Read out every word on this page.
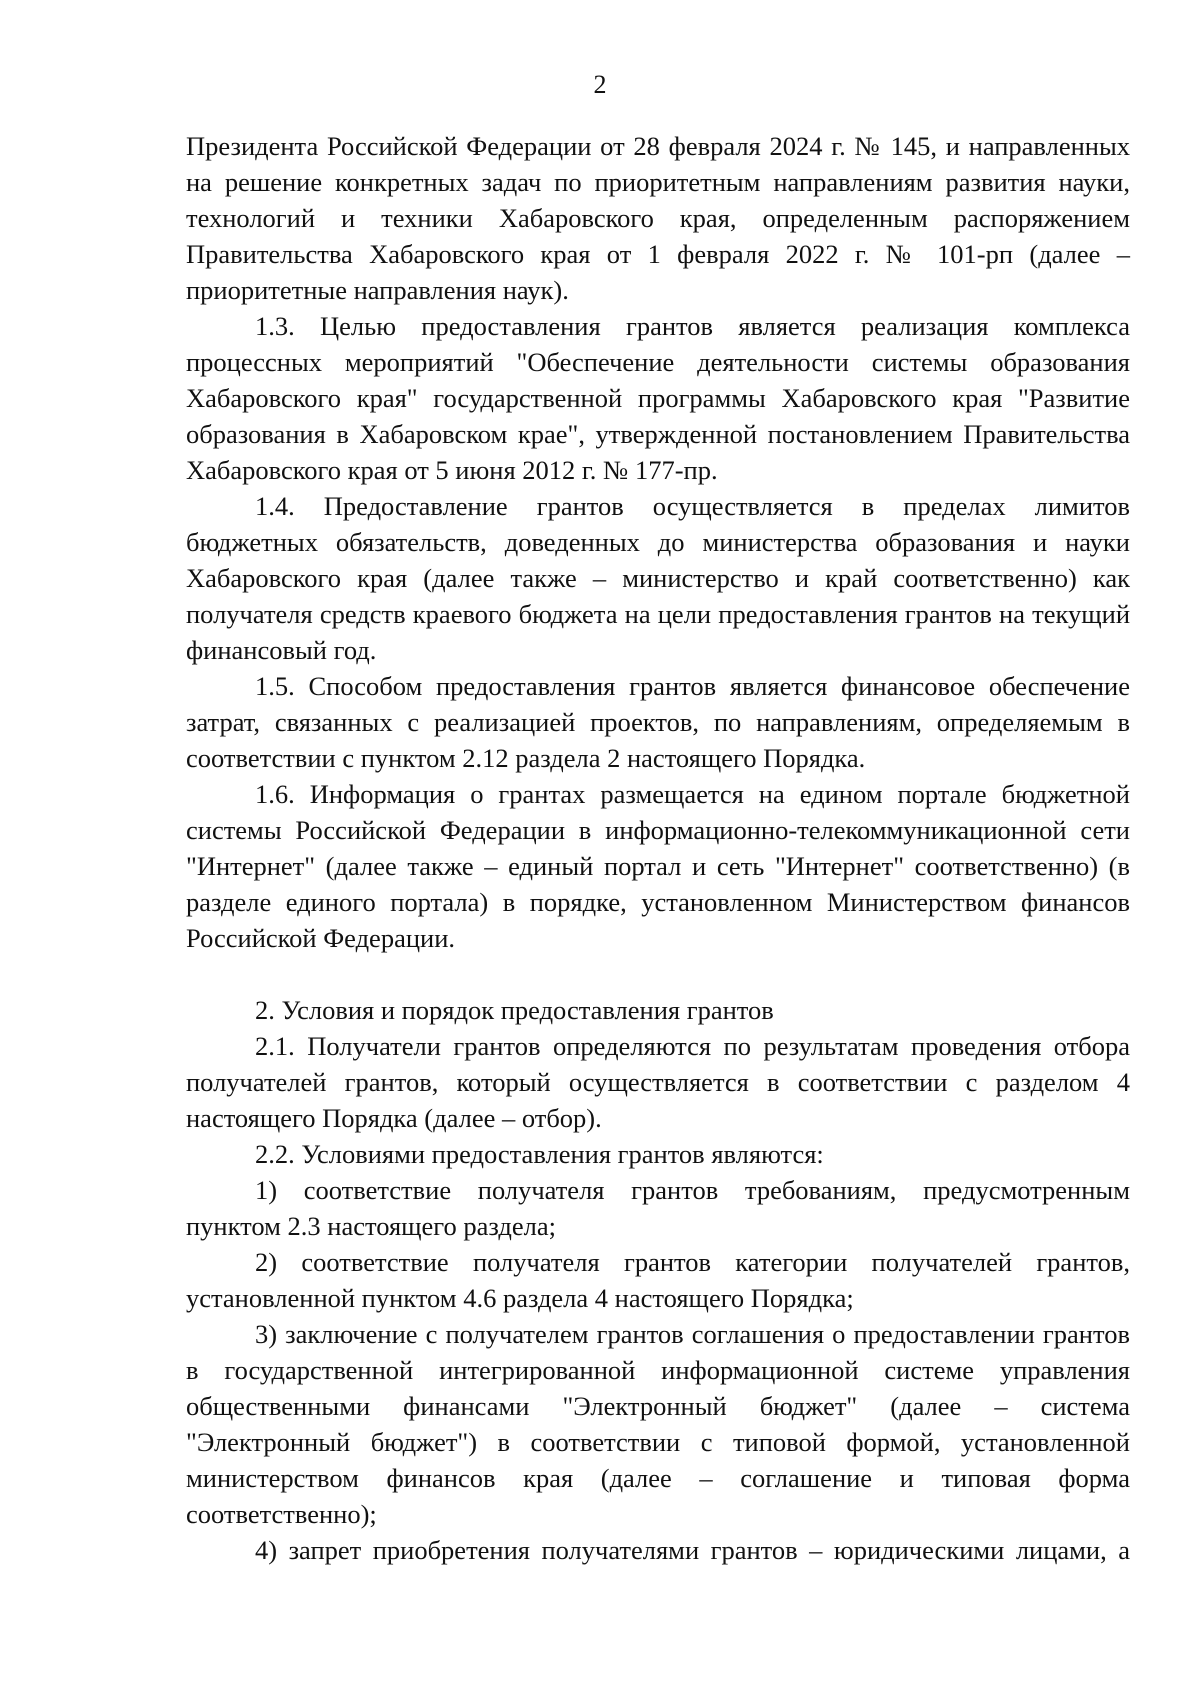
2

Президента Российской Федерации от 28 февраля 2024 г. № 145, и направленных на решение конкретных задач по приоритетным направлениям развития науки, технологий и техники Хабаровского края, определенным распоряжением Правительства Хабаровского края от 1 февраля 2022 г. № 101-рп (далее – приоритетные направления наук).

1.3. Целью предоставления грантов является реализация комплекса процессных мероприятий "Обеспечение деятельности системы образования Хабаровского края" государственной программы Хабаровского края "Развитие образования в Хабаровском крае", утвержденной постановлением Правительства Хабаровского края от 5 июня 2012 г. № 177-пр.

1.4. Предоставление грантов осуществляется в пределах лимитов бюджетных обязательств, доведенных до министерства образования и науки Хабаровского края (далее также – министерство и край соответственно) как получателя средств краевого бюджета на цели предоставления грантов на текущий финансовый год.

1.5. Способом предоставления грантов является финансовое обеспечение затрат, связанных с реализацией проектов, по направлениям, определяемым в соответствии с пунктом 2.12 раздела 2 настоящего Порядка.

1.6. Информация о грантах размещается на едином портале бюджетной системы Российской Федерации в информационно-телекоммуникационной сети "Интернет" (далее также – единый портал и сеть "Интернет" соответственно) (в разделе единого портала) в порядке, установленном Министерством финансов Российской Федерации.

2. Условия и порядок предоставления грантов

2.1. Получатели грантов определяются по результатам проведения отбора получателей грантов, который осуществляется в соответствии с разделом 4 настоящего Порядка (далее – отбор).

2.2. Условиями предоставления грантов являются:

1) соответствие получателя грантов требованиям, предусмотренным пунктом 2.3 настоящего раздела;

2) соответствие получателя грантов категории получателей грантов, установленной пунктом 4.6 раздела 4 настоящего Порядка;

3) заключение с получателем грантов соглашения о предоставлении грантов в государственной интегрированной информационной системе управления общественными финансами "Электронный бюджет" (далее – система "Электронный бюджет") в соответствии с типовой формой, установленной министерством финансов края (далее – соглашение и типовая форма соответственно);

4) запрет приобретения получателями грантов – юридическими лицами, а
